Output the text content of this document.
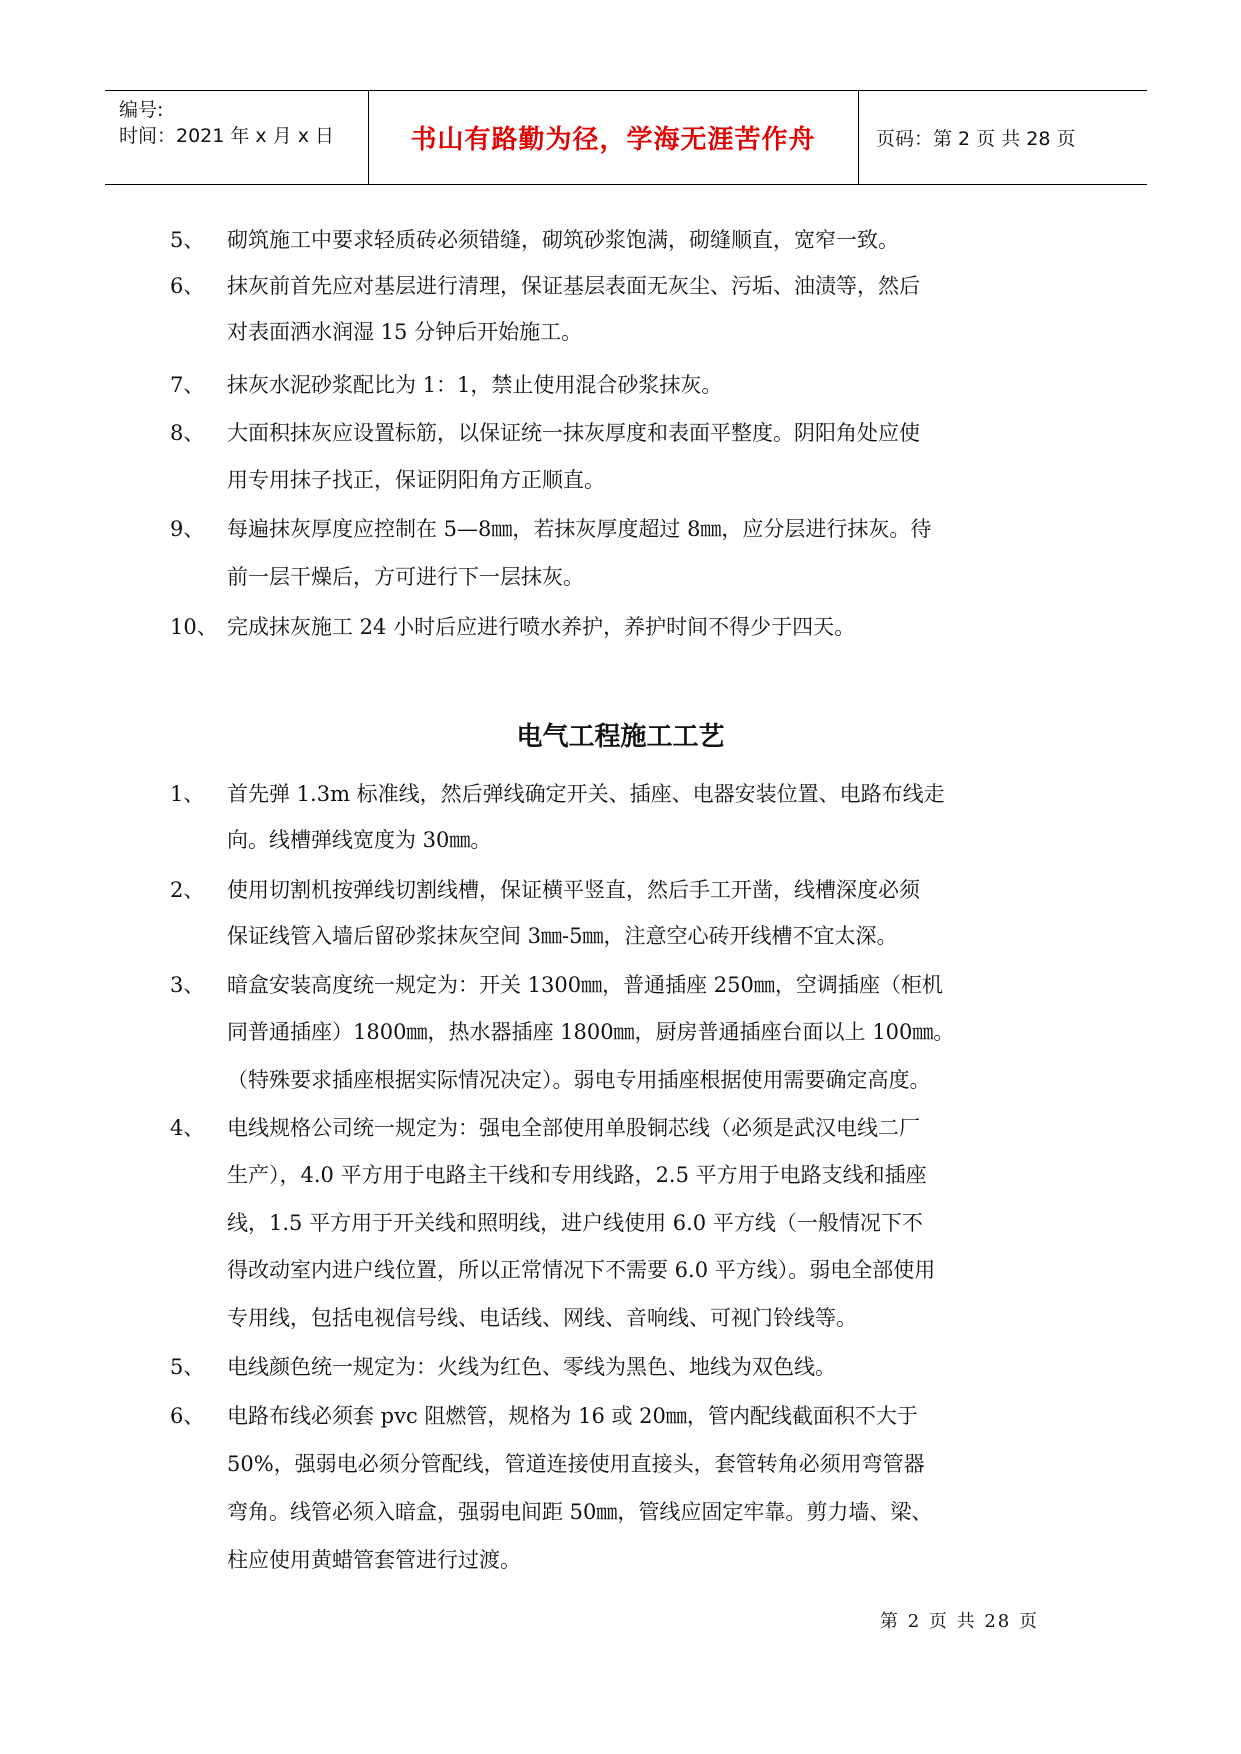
编号:
时间：2021 年 x 月 x 日	书山有路勤为径，学海无涯苦作舟	页码：第 2 页 共 28 页
5、 砌筑施工中要求轻质砖必须错缝，砌筑砂浆饱满，砌缝顺直，宽窄一致。
6、 抹灰前首先应对基层进行清理，保证基层表面无灰尘、污垢、油渍等，然后
对表面洒水润湿 15 分钟后开始施工。
7、 抹灰水泥砂浆配比为 1：1，禁止使用混合砂浆抹灰。
8、 大面积抹灰应设置标筋，以保证统一抹灰厚度和表面平整度。阴阳角处应使
用专用抹子找正，保证阴阳角方正顺直。
9、 每遍抹灰厚度应控制在 5—8㎜，若抹灰厚度超过 8㎜，应分层进行抹灰。待
前一层干燥后，方可进行下一层抹灰。
10、 完成抹灰施工 24 小时后应进行喷水养护，养护时间不得少于四天。
电气工程施工工艺
1、 首先弹 1.3m 标准线，然后弹线确定开关、插座、电器安装位置、电路布线走
向。线槽弹线宽度为 30㎜。
2、 使用切割机按弹线切割线槽，保证横平竖直，然后手工开凿，线槽深度必须
保证线管入墙后留砂浆抹灰空间 3㎜-5㎜，注意空心砖开线槽不宜太深。
3、 暗盒安装高度统一规定为：开关 1300㎜，普通插座 250㎜，空调插座（柜机
同普通插座）1800㎜，热水器插座 1800㎜，厨房普通插座台面以上 100㎜。
（特殊要求插座根据实际情况决定）。弱电专用插座根据使用需要确定高度。
4、 电线规格公司统一规定为：强电全部使用单股铜芯线（必须是武汉电线二厂
生产），4.0 平方用于电路主干线和专用线路，2.5 平方用于电路支线和插座
线，1.5 平方用于开关线和照明线，进户线使用 6.0 平方线（一般情况下不
得改动室内进户线位置，所以正常情况下不需要 6.0 平方线）。弱电全部使用
专用线，包括电视信号线、电话线、网线、音响线、可视门铃线等。
5、 电线颜色统一规定为：火线为红色、零线为黑色、地线为双色线。
6、 电路布线必须套 pvc 阻燃管，规格为 16 或 20㎜，管内配线截面积不大于
50%，强弱电必须分管配线，管道连接使用直接头，套管转角必须用弯管器
弯角。线管必须入暗盒，强弱电间距 50㎜，管线应固定牢靠。剪力墙、梁、
柱应使用黄蜡管套管进行过渡。
第 2 页 共 28 页
